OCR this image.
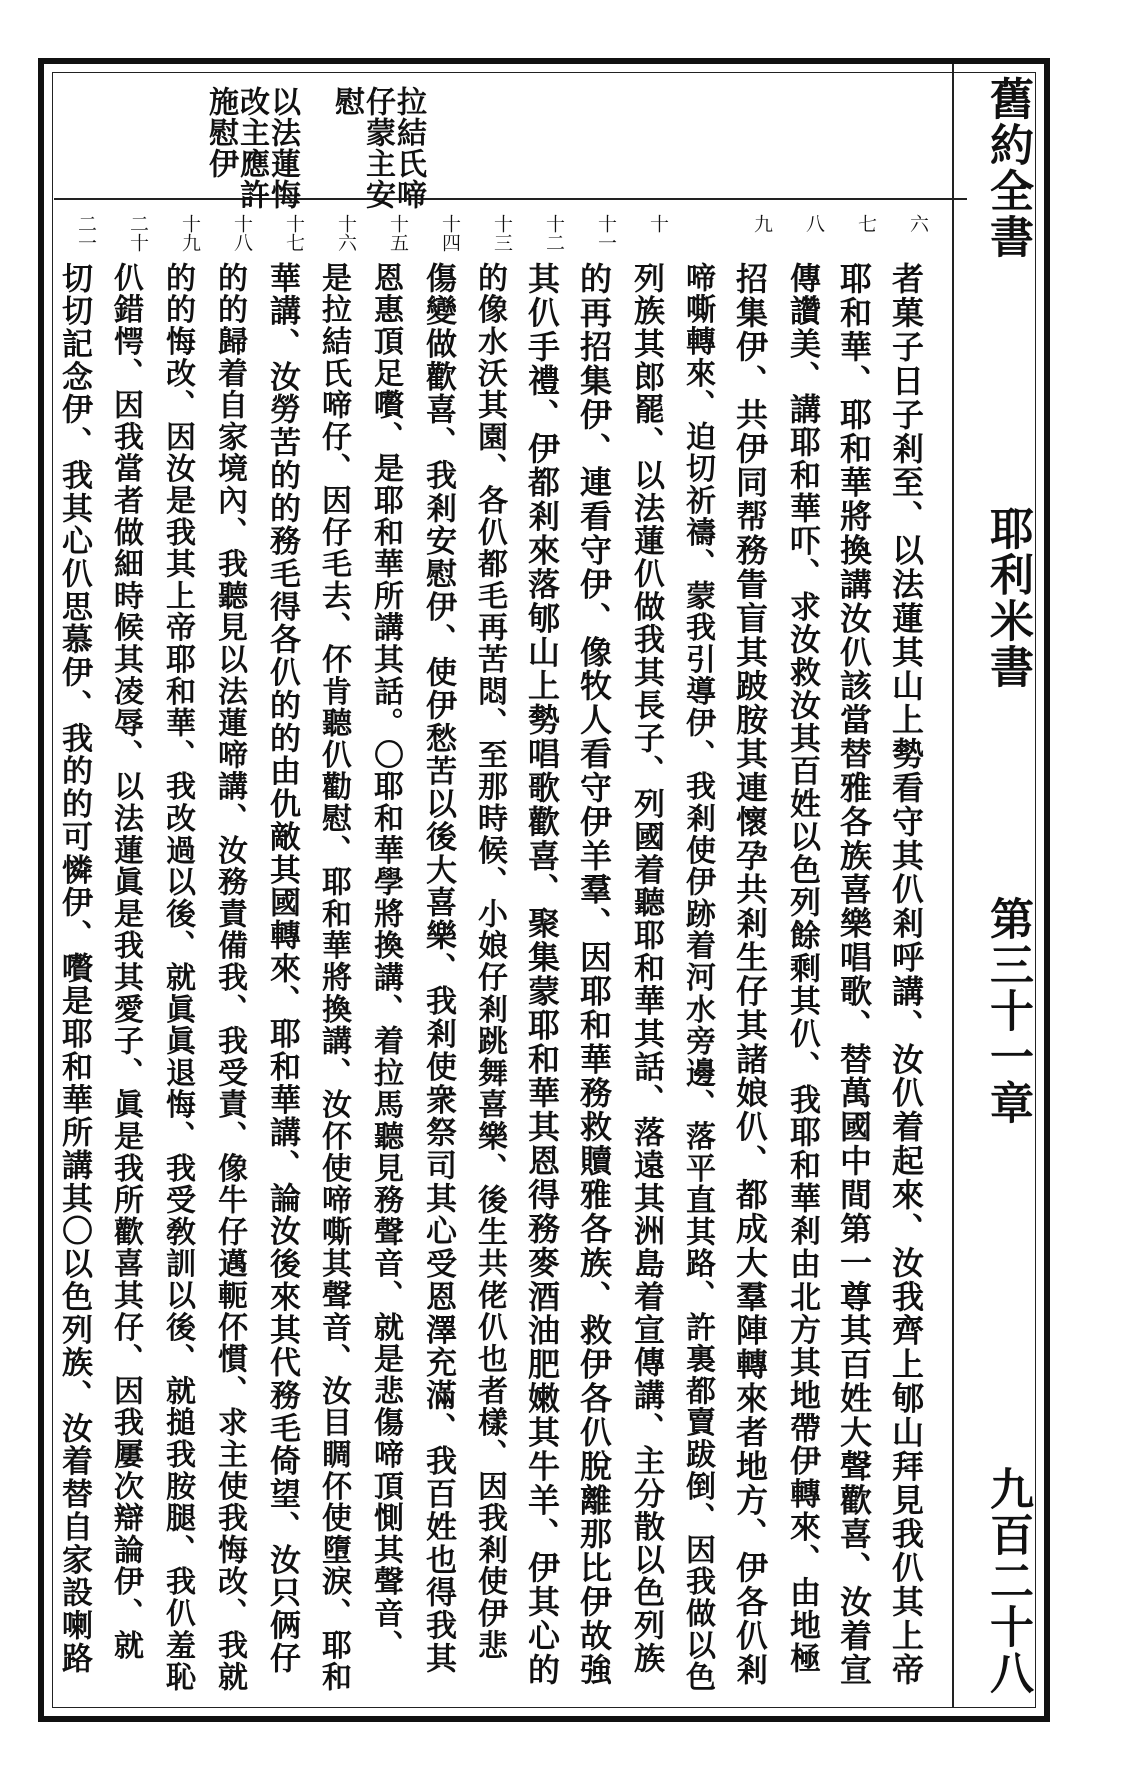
舊約全書
耶利米書
第三十一章
九百二十八
拉結氏啼
仔蒙主安
慰
以法蓮悔
改主應許
施慰伊
六
七
八
九
十
十一
十二
十三
十四
十五
十六
十七
十八
十九
二十
二一
者菓子日子剎至、以法蓮其山上勢看守其仈剎呼講、汝仈着起來、汝我齊上郇山拜見我仈其上帝
耶和華、耶和華將換講汝仈該當替雅各族喜樂唱歌、替萬國中間第一尊其百姓大聲歡喜、汝着宣
傳讚美、講耶和華吓、求汝救汝其百姓以色列餘剩其仈、我耶和華剎由北方其地帶伊轉來、由地極
招集伊、共伊同帮務眚盲其跛胺其連懷孕共剎生仔其諸娘仈、都成大羣陣轉來者地方、伊各仈剎
啼嘶轉來、迫切祈禱、蒙我引導伊、我剎使伊跡着河水旁邊、落平直其路、許裏都賣跋倒、因我做以色
列族其郎罷、以法蓮仈做我其長子、列國着聽耶和華其話、落遠其洲島着宣傳講、主分散以色列族
的再招集伊、連看守伊、像牧人看守伊羊羣、因耶和華務救贖雅各族、救伊各仈脫離那比伊故強
其仈手禮、伊都剎來落郇山上勢唱歌歡喜、聚集蒙耶和華其恩得務麥酒油肥嫩其牛羊、伊其心的
的像水沃其園、各仈都毛再苦悶、至那時候、小娘仔剎跳舞喜樂、後生共佬仈也者樣、因我剎使伊悲
傷變做歡喜、我剎安慰伊、使伊愁苦以後大喜樂、我剎使衆祭司其心受恩澤充滿、我百姓也得我其
恩惠頂足嚽、是耶和華所講其話。〇耶和華學將換講、着拉馬聽見務聲音、就是悲傷啼頂惻其聲音、
是拉結氏啼仔、因仔毛去、伓肯聽仈勸慰、耶和華將換講、汝伓使啼嘶其聲音、汝目睭伓使墮淚、耶和
華講、汝勞苦的的務毛得各仈的的由仇敵其國轉來、耶和華講、論汝後來其代務毛倚望、汝只俩仔
的的歸着自家境內、我聽見以法蓮啼講、汝務責備我、我受責、像牛仔邁軛伓慣、求主使我悔改、我就
的的悔改、因汝是我其上帝耶和華、我改過以後、就眞眞退悔、我受敎訓以後、就搥我胺腿、我仈羞恥
仈錯愕、因我當者做細時候其凌辱、以法蓮眞是我其愛子、眞是我所歡喜其仔、因我屢次辯論伊、就
切切記念伊、我其心仈思慕伊、我的的可憐伊、嚽是耶和華所講其〇以色列族、汝着替自家設喇路
